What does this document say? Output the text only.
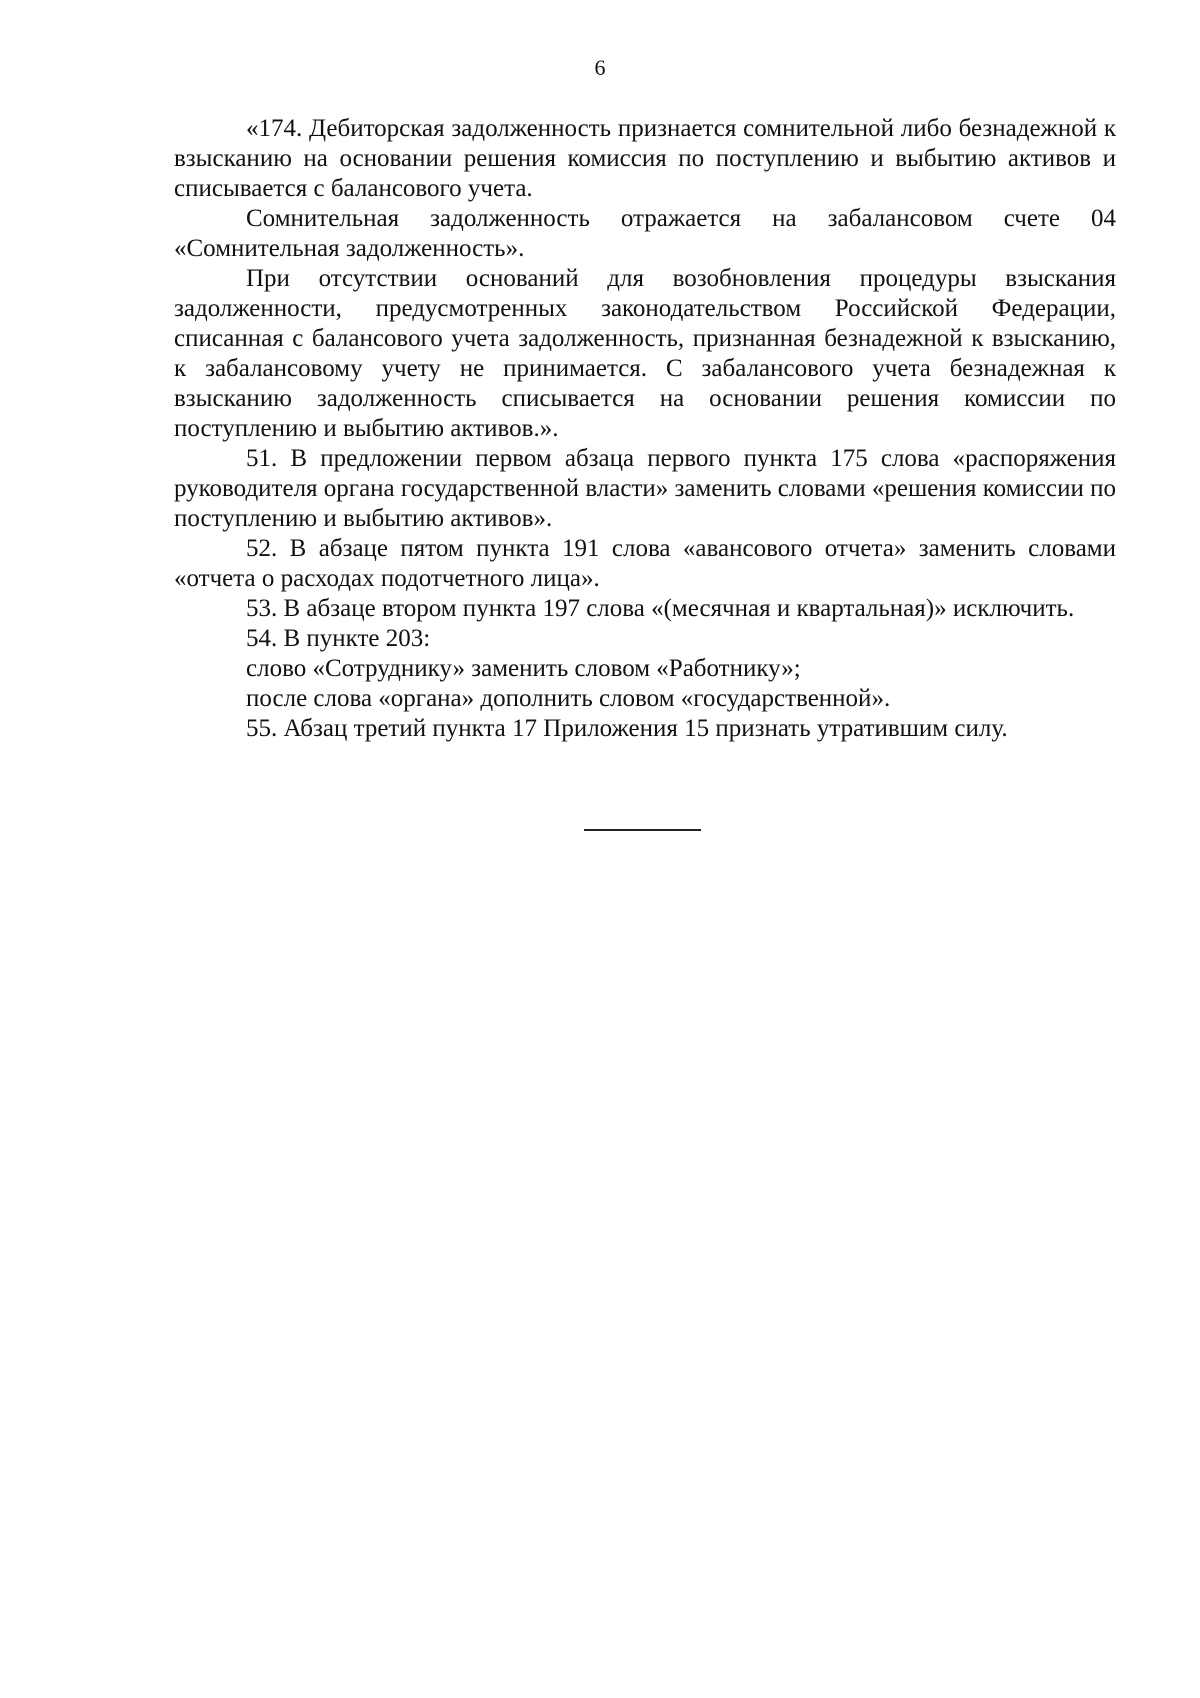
6

«174. Дебиторская задолженность признается сомнительной либо безнадежной к взысканию на основании решения комиссия по поступлению и выбытию активов и списывается с балансового учета.

Сомнительная задолженность отражается на забалансовом счете 04 «Сомнительная задолженность».

При отсутствии оснований для возобновления процедуры взыскания задолженности, предусмотренных законодательством Российской Федерации, списанная с балансового учета задолженность, признанная безнадежной к взысканию, к забалансовому учету не принимается. С забалансового учета безнадежная к взысканию задолженность списывается на основании решения комиссии по поступлению и выбытию активов.».

51. В предложении первом абзаца первого пункта 175 слова «распоряжения руководителя органа государственной власти» заменить словами «решения комиссии по поступлению и выбытию активов».

52. В абзаце пятом пункта 191 слова «авансового отчета» заменить словами «отчета о расходах подотчетного лица».

53. В абзаце втором пункта 197 слова «(месячная и квартальная)» исключить.

54. В пункте 203:

слово «Сотруднику» заменить словом «Работнику»;

после слова «органа» дополнить словом «государственной».

55. Абзац третий пункта 17 Приложения 15 признать утратившим силу.
